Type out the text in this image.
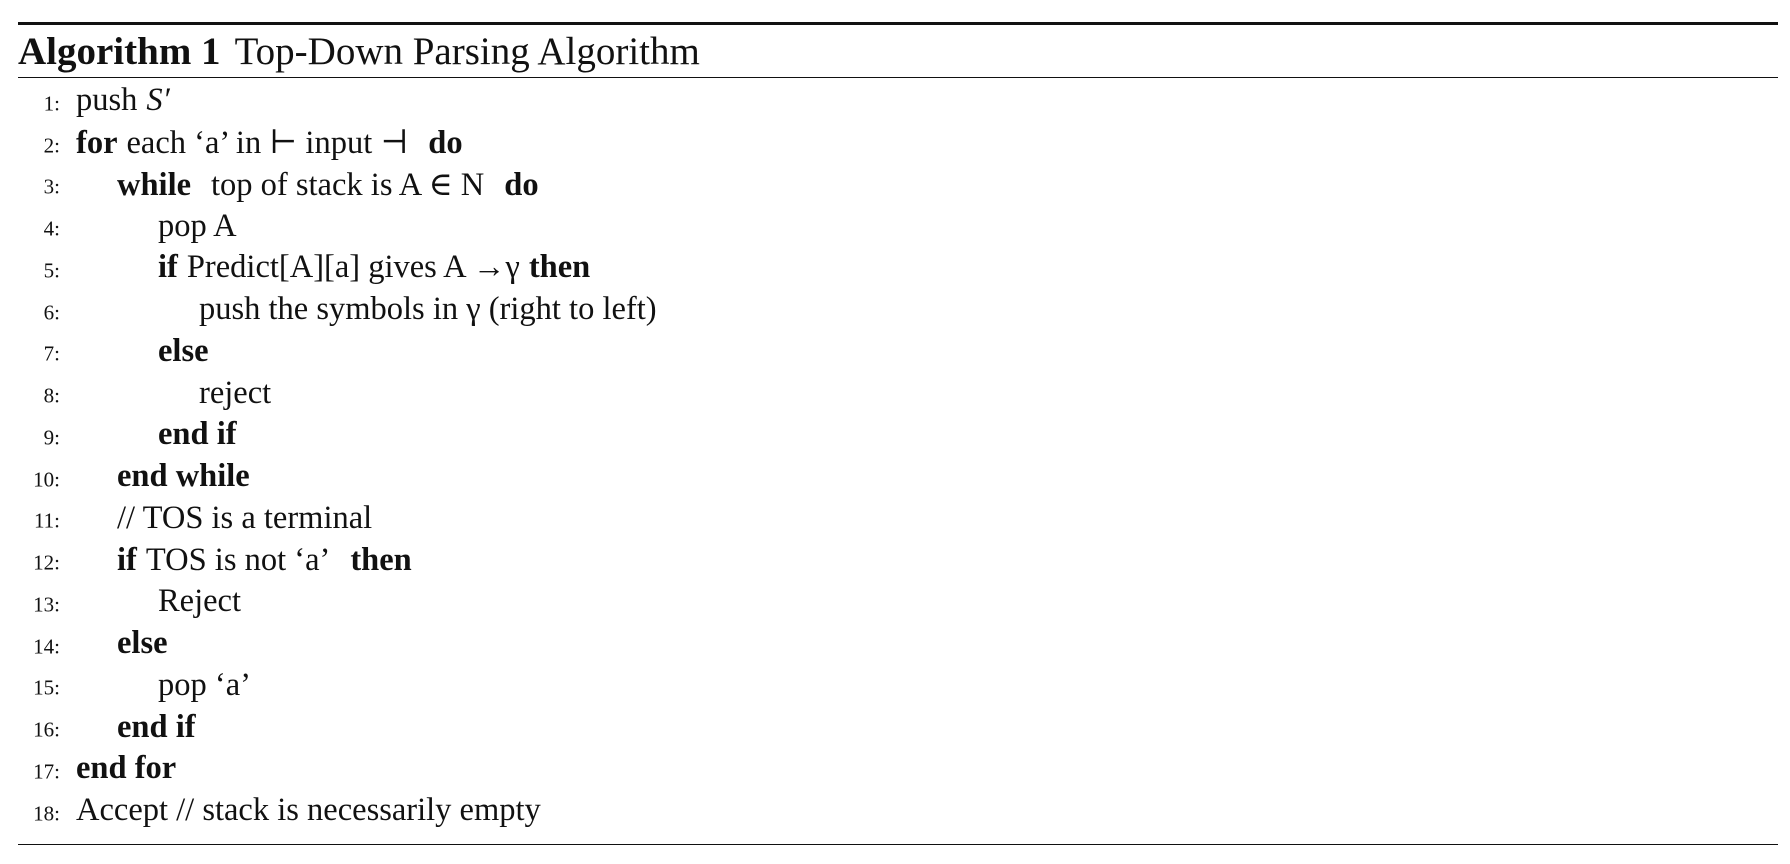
Algorithm 1 Top-Down Parsing Algorithm
1: push S′
2: for each ‘a’ in ⊢ input ⊣ do
3: while top of stack is A ∈ N do
4:	pop A
5:	if Predict[A][a] gives A →γ then
6:	push the symbols in γ (right to left)
7:	else
8:	reject
9:	end if
10: end while
11: // TOS is a terminal
12: if TOS is not ‘a’ then
13:	Reject
14: else
15:	pop ‘a’
16: end if
17: end for
18: Accept // stack is necessarily empty
